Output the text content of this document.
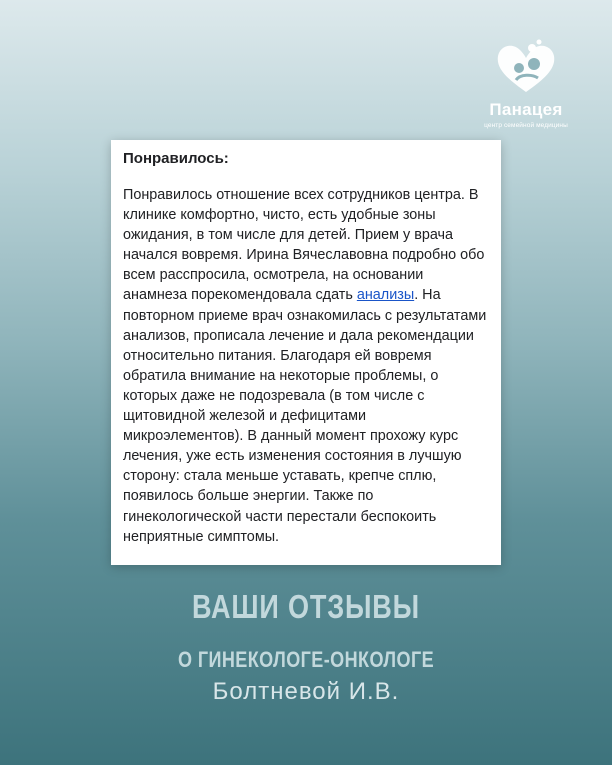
Панацея
центр семейной медицины
Понравилось:

Понравилось отношение всех сотрудников центра. В клинике комфортно, чисто, есть удобные зоны ожидания, в том числе для детей. Прием у врача начался вовремя. Ирина Вячеславовна подробно обо всем расспросила, осмотрела, на основании анамнеза порекомендовала сдать анализы. На повторном приеме врач ознакомилась с результатами анализов, прописала лечение и дала рекомендации относительно питания. Благодаря ей вовремя обратила внимание на некоторые проблемы, о которых даже не подозревала (в том числе с щитовидной железой и дефицитами микроэлементов). В данный момент прохожу курс лечения, уже есть изменения состояния в лучшую сторону: стала меньше уставать, крепче сплю, появилось больше энергии. Также по гинекологической части перестали беспокоить неприятные симптомы.

ВАШИ ОТЗЫВЫ
О ГИНЕКОЛОГЕ-ОНКОЛОГЕ
Болтневой И.В.
